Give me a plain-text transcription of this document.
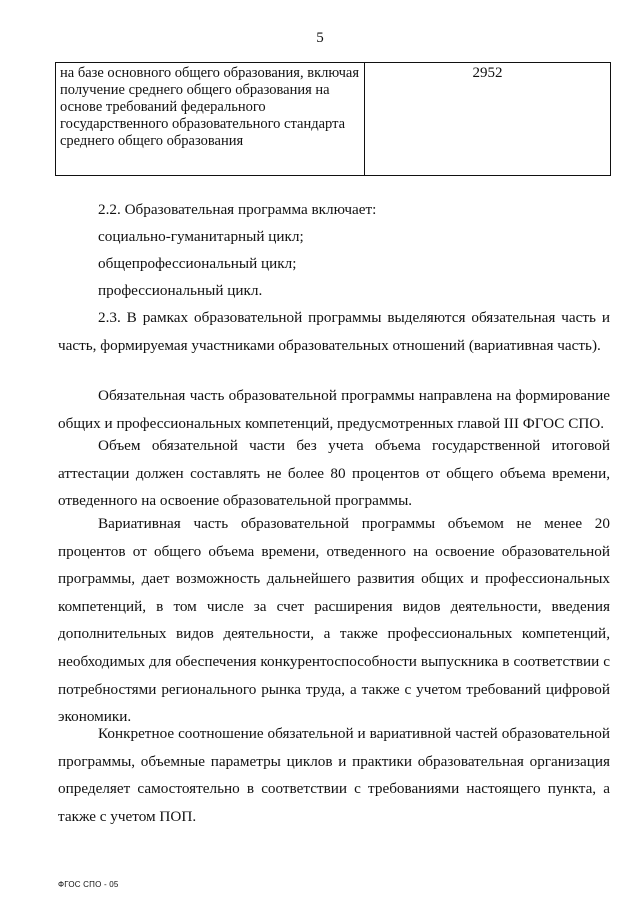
5
на базе основного общего образования, включая получение среднего общего образования на основе требований федерального государственного образовательного стандарта среднего общего образования	2952

2.2. Образовательная программа включает:

социально-гуманитарный цикл;

общепрофессиональный цикл;

профессиональный цикл.

2.3. В рамках образовательной программы выделяются обязательная часть и часть, формируемая участниками образовательных отношений (вариативная часть).

Обязательная часть образовательной программы направлена на формирование общих и профессиональных компетенций, предусмотренных главой III ФГОС СПО.

Объем обязательной части без учета объема государственной итоговой аттестации должен составлять не более 80 процентов от общего объема времени, отведенного на освоение образовательной программы.

Вариативная часть образовательной программы объемом не менее 20 процентов от общего объема времени, отведенного на освоение образовательной программы, дает возможность дальнейшего развития общих и профессиональных компетенций, в том числе за счет расширения видов деятельности, введения дополнительных видов деятельности, а также профессиональных компетенций, необходимых для обеспечения конкурентоспособности выпускника в соответствии с потребностями регионального рынка труда, а также с учетом требований цифровой экономики.

Конкретное соотношение обязательной и вариативной частей образовательной программы, объемные параметры циклов и практики образовательная организация определяет самостоятельно в соответствии с требованиями настоящего пункта, а также с учетом ПОП.

ФГОС СПО - 05
